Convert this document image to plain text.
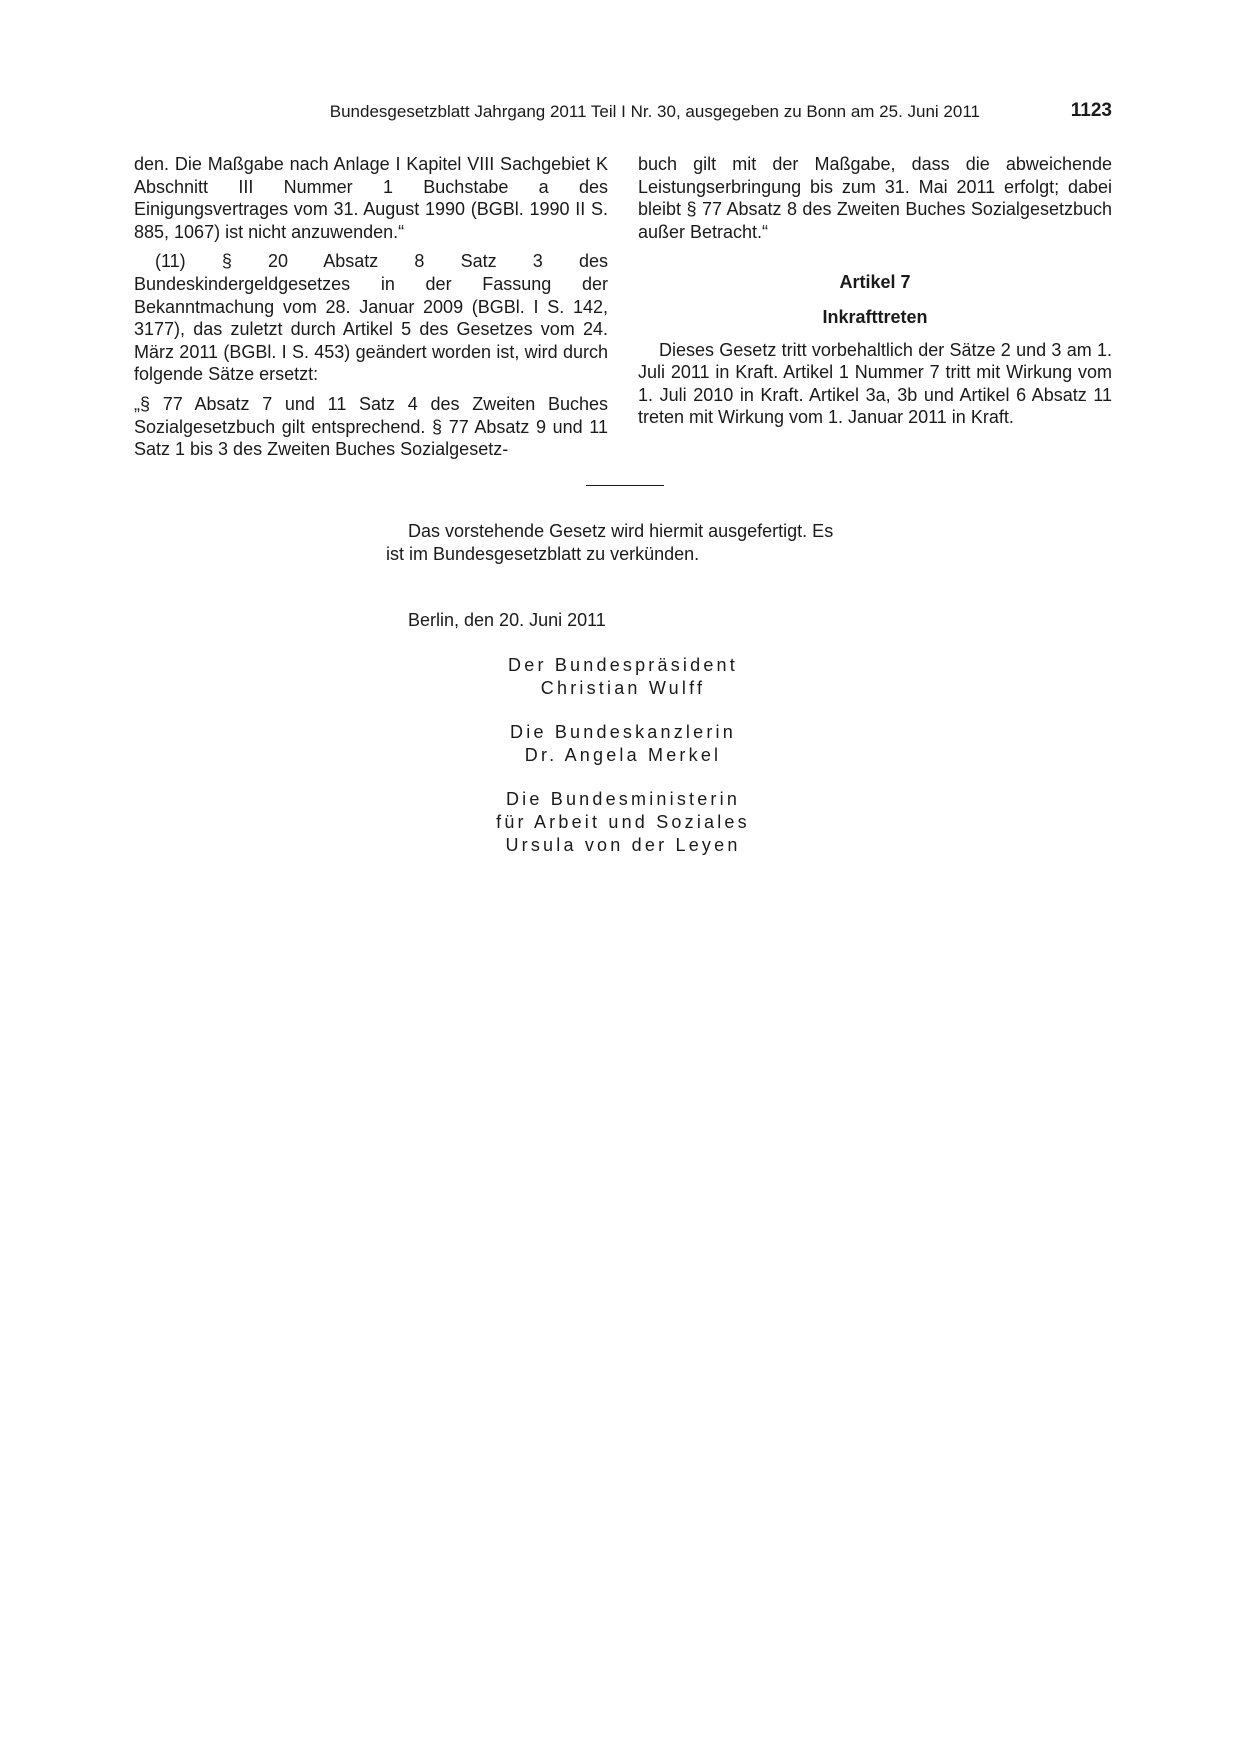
Bundesgesetzblatt Jahrgang 2011 Teil I Nr. 30, ausgegeben zu Bonn am 25. Juni 2011	1123

den. Die Maßgabe nach Anlage I Kapitel VIII Sachgebiet K Abschnitt III Nummer 1 Buchstabe a des Einigungsvertrages vom 31. August 1990 (BGBl. 1990 II S. 885, 1067) ist nicht anzuwenden.“

(11) § 20 Absatz 8 Satz 3 des Bundeskindergeldgesetzes in der Fassung der Bekanntmachung vom 28. Januar 2009 (BGBl. I S. 142, 3177), das zuletzt durch Artikel 5 des Gesetzes vom 24. März 2011 (BGBl. I S. 453) geändert worden ist, wird durch folgende Sätze ersetzt:

„§ 77 Absatz 7 und 11 Satz 4 des Zweiten Buches Sozialgesetzbuch gilt entsprechend. § 77 Absatz 9 und 11 Satz 1 bis 3 des Zweiten Buches Sozialgesetz-

buch gilt mit der Maßgabe, dass die abweichende Leistungserbringung bis zum 31. Mai 2011 erfolgt; dabei bleibt § 77 Absatz 8 des Zweiten Buches Sozialgesetzbuch außer Betracht.“

Artikel 7
Inkrafttreten

Dieses Gesetz tritt vorbehaltlich der Sätze 2 und 3 am 1. Juli 2011 in Kraft. Artikel 1 Nummer 7 tritt mit Wirkung vom 1. Juli 2010 in Kraft. Artikel 3a, 3b und Artikel 6 Absatz 11 treten mit Wirkung vom 1. Januar 2011 in Kraft.

Das vorstehende Gesetz wird hiermit ausgefertigt. Es

ist im Bundesgesetzblatt zu verkünden.
Berlin, den 20. Juni 2011
Der Bundespräsident
Christian Wulff
Die Bundeskanzlerin
Dr. Angela Merkel
Die Bundesministerin
für Arbeit und Soziales
Ursula von der Leyen
